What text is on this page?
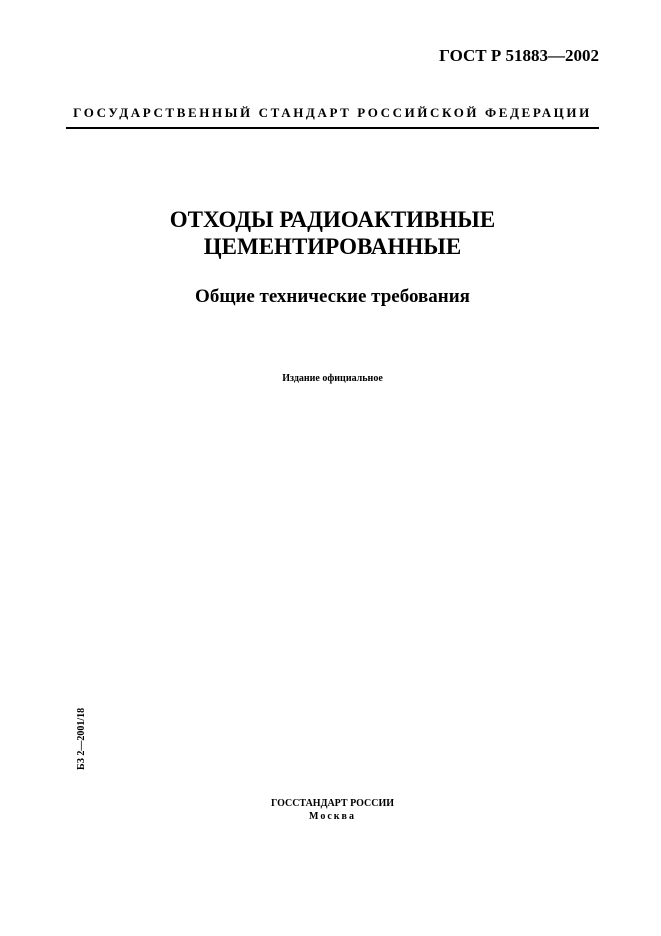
ГОСТ Р 51883—2002
ГОСУДАРСТВЕННЫЙ СТАНДАРТ РОССИЙСКОЙ ФЕДЕРАЦИИ
ОТХОДЫ РАДИОАКТИВНЫЕ
ЦЕМЕНТИРОВАННЫЕ
Общие технические требования
Издание официальное
БЗ 2—2001/18
ГОССТАНДАРТ РОССИИ
Москва
